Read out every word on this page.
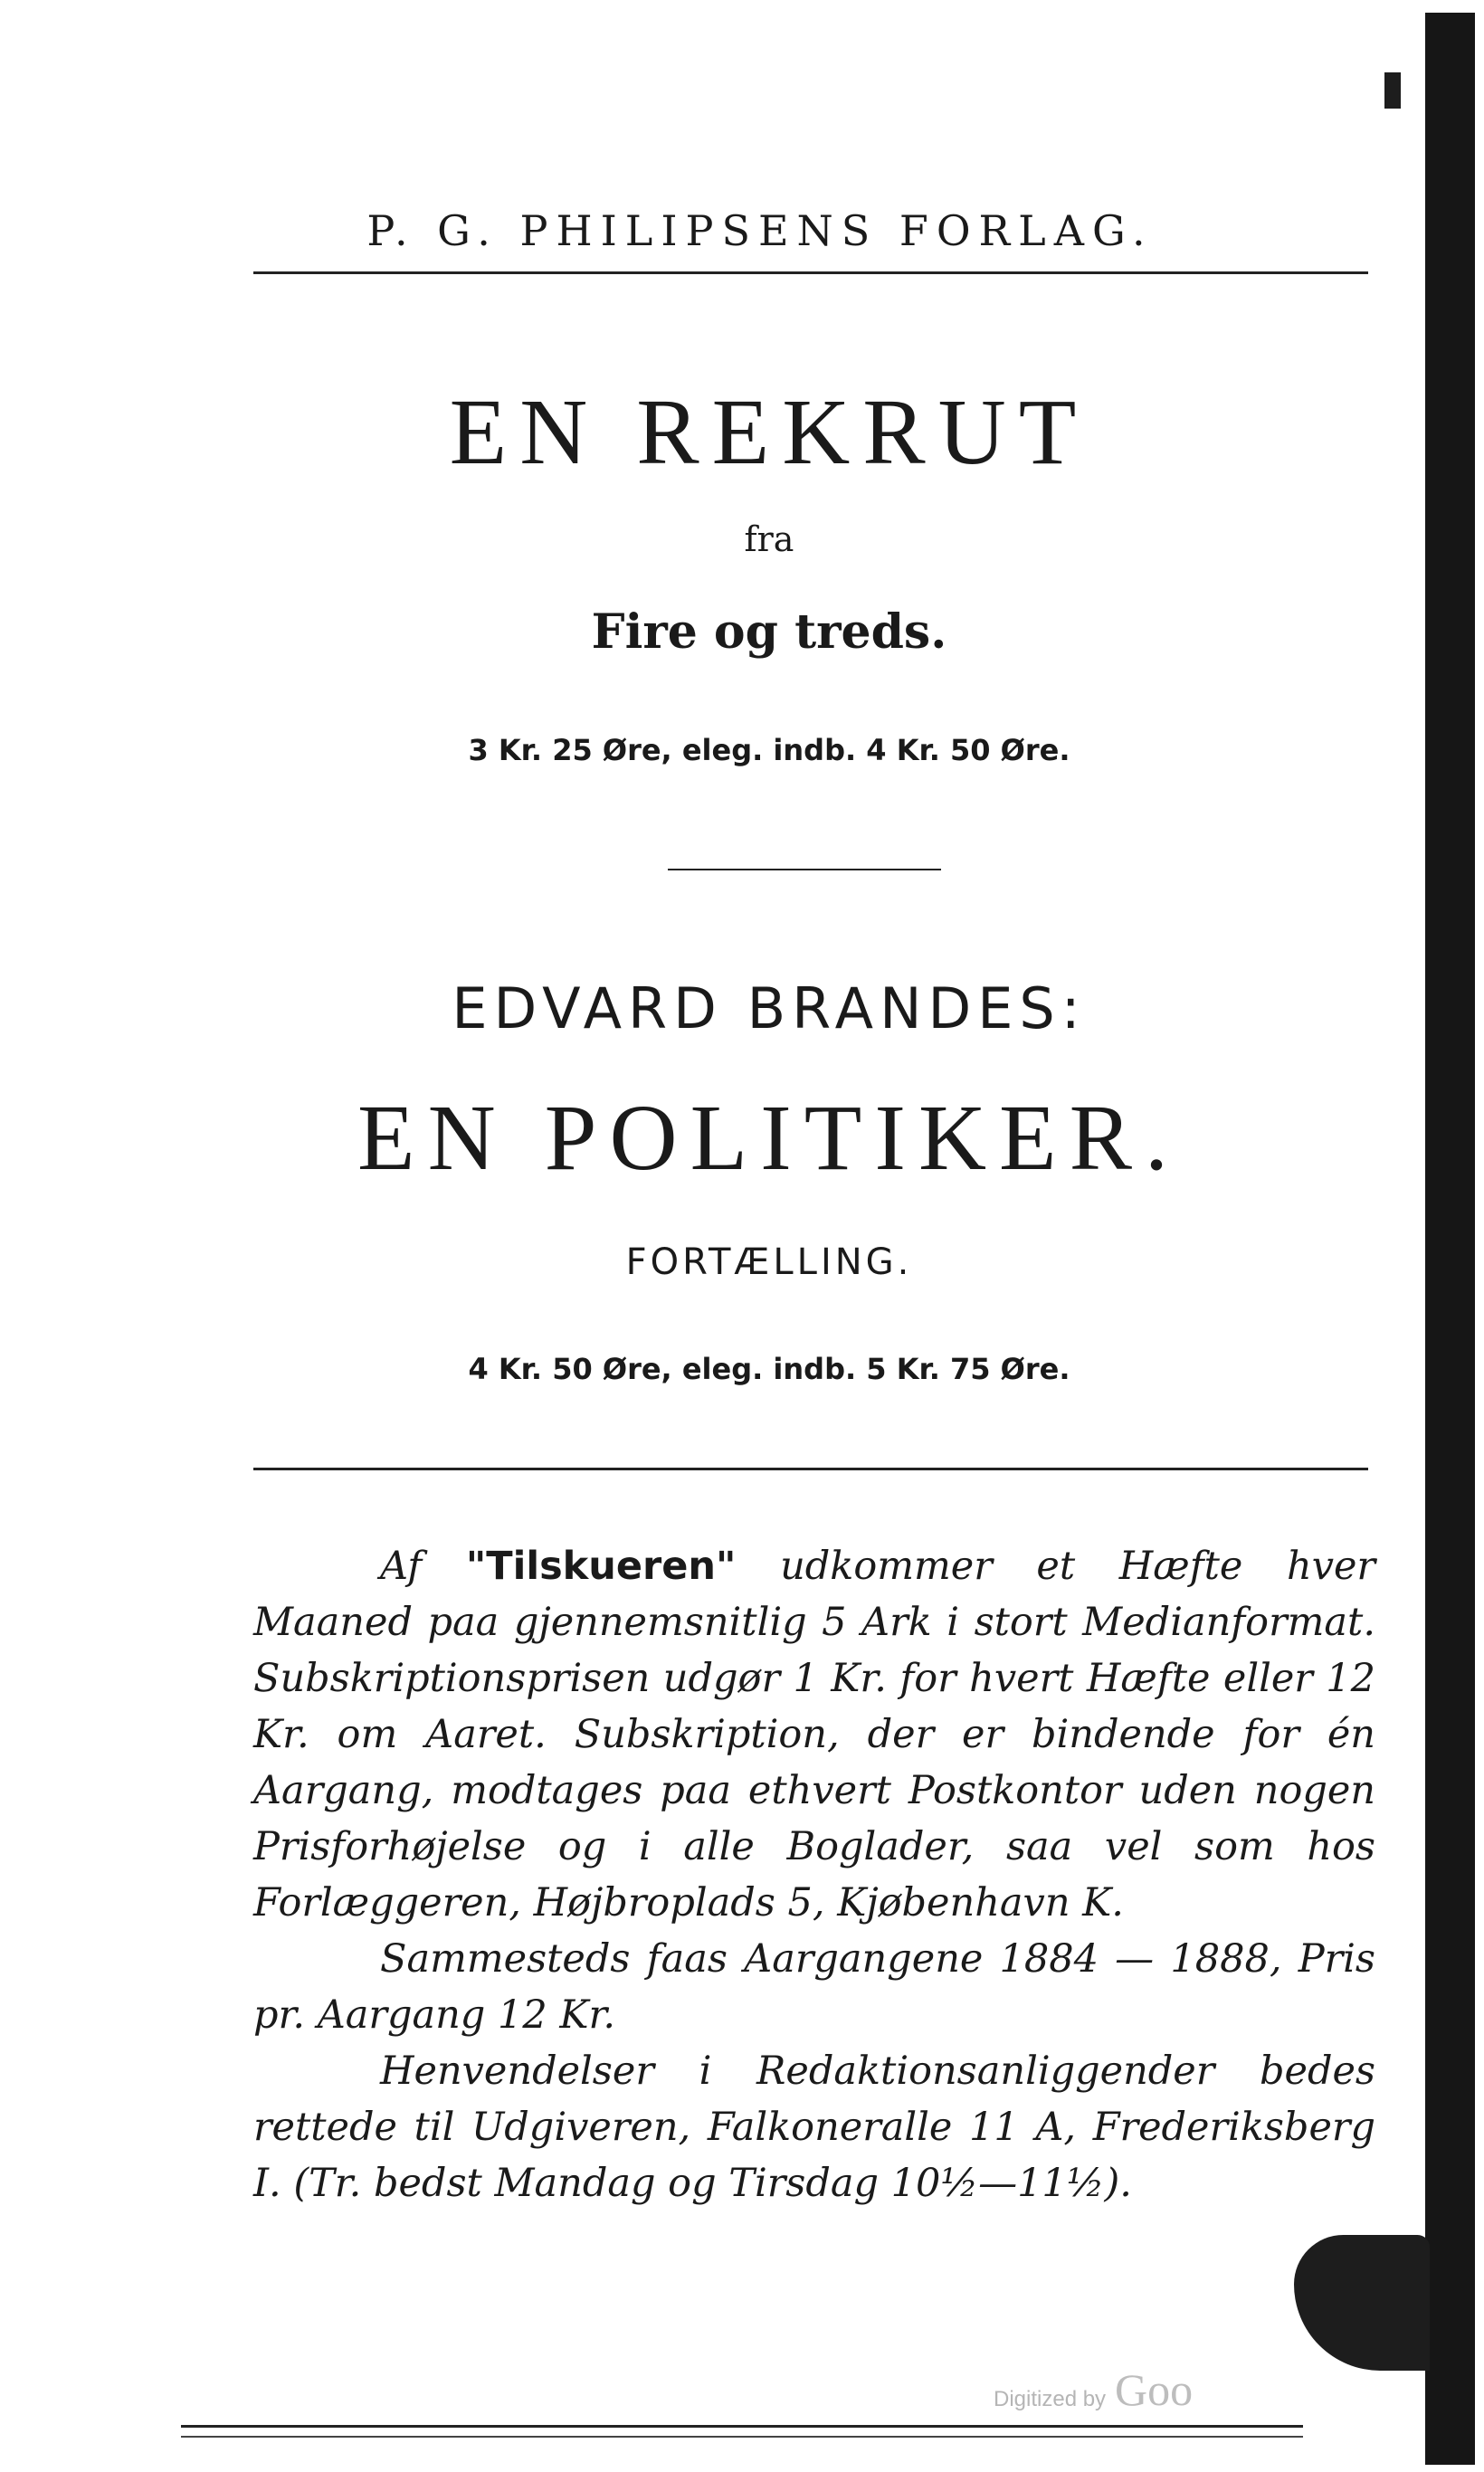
P. G. PHILIPSENS FORLAG.
EN REKRUT
fra
Fire og treds.
3 Kr. 25 Øre, eleg. indb. 4 Kr. 50 Øre.
EDVARD BRANDES:
EN POLITIKER.
FORTÆLLING.
4 Kr. 50 Øre, eleg. indb. 5 Kr. 75 Øre.

Af "Tilskueren" udkommer et Hæfte hver Maaned paa gjennemsnitlig 5 Ark i stort Medianformat. Subskriptionsprisen udgør 1 Kr. for hvert Hæfte eller 12 Kr. om Aaret. Subskription, der er bindende for én Aargang, modtages paa ethvert Postkontor uden nogen Prisforhøjelse og i alle Boglader, saa vel som hos Forlæggeren, Højbroplads 5, Kjøbenhavn K.

Sammesteds faas Aargangene 1884 — 1888, Pris pr. Aargang 12 Kr.

Henvendelser i Redaktionsanliggender bedes rettede til Udgiveren, Falkoneralle 11 A, Frederiksberg I. (Tr. bedst Mandag og Tirsdag 10½—11½).

Digitized by Goo
